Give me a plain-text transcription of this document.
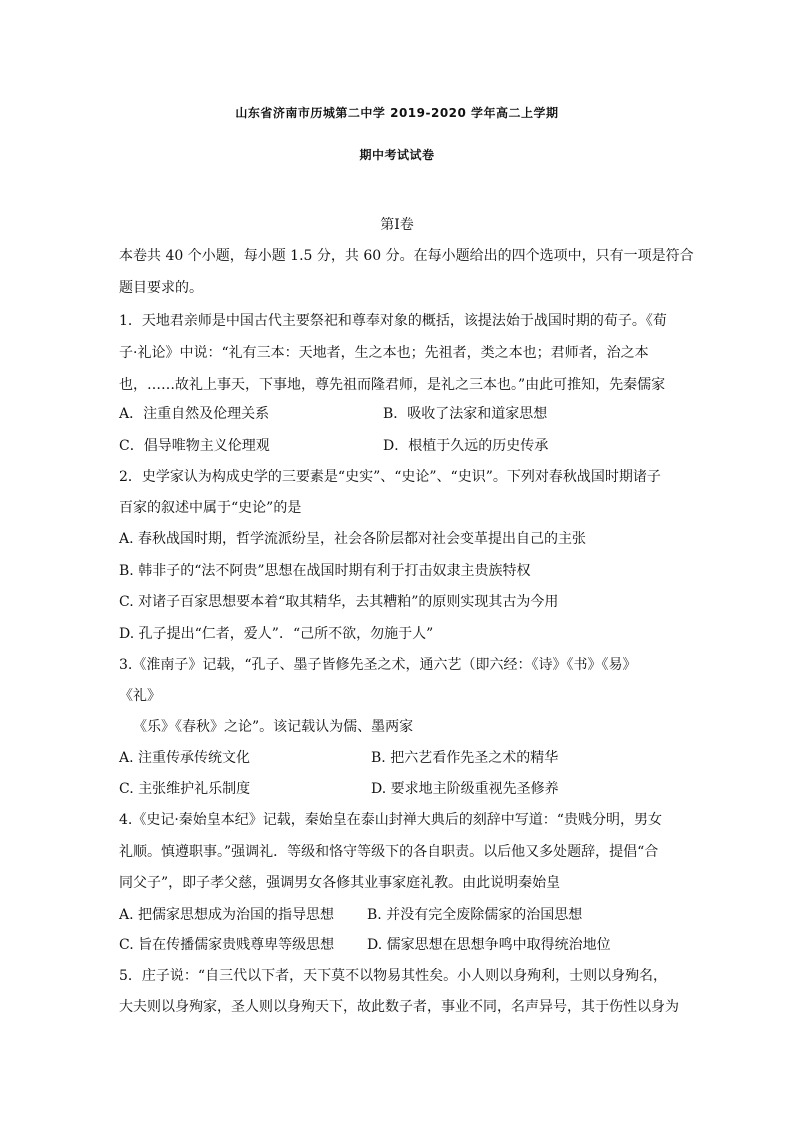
山东省济南市历城第二中学 2019-2020 学年高二上学期
期中考试试卷
第Ⅰ卷
本卷共 40 个小题，每小题 1.5 分，共 60 分。在每小题给出的四个选项中，只有一项是符合
题目要求的。
1．天地君亲师是中国古代主要祭祀和尊奉对象的概括，该提法始于战国时期的荀子。《荀
子·礼论》中说：“礼有三本：天地者，生之本也；先祖者，类之本也；君师者，治之本
也，……故礼上事天，下事地，尊先祖而隆君师，是礼之三本也。”由此可推知，先秦儒家
A．注重自然及伦理关系	B．吸收了法家和道家思想
C．倡导唯物主义伦理观	D．根植于久远的历史传承
2．史学家认为构成史学的三要素是“史实”、“史论”、“史识”。下列对春秋战国时期诸子
百家的叙述中属于“史论”的是
A. 春秋战国时期，哲学流派纷呈，社会各阶层都对社会变革提出自己的主张
B. 韩非子的“法不阿贵”思想在战国时期有利于打击奴隶主贵族特权
C. 对诸子百家思想要本着“取其精华，去其糟粕”的原则实现其古为今用
D. 孔子提出“仁者，爱人”．“己所不欲，勿施于人”
3.《淮南子》记载，“孔子、墨子皆修先圣之术，通六艺（即六经：《诗》《书》《易》
《礼》
《乐》《春秋》之论”。该记载认为儒、墨两家
A. 注重传承传统文化	B. 把六艺看作先圣之术的精华
C. 主张维护礼乐制度	D. 要求地主阶级重视先圣修养
4.《史记·秦始皇本纪》记载，秦始皇在泰山封禅大典后的刻辞中写道：“贵贱分明，男女
礼顺。慎遵职事。”强调礼．等级和恪守等级下的各自职责。以后他又多处题辞，提倡“合
同父子”，即子孝父慈，强调男女各修其业事家庭礼教。由此说明秦始皇
A. 把儒家思想成为治国的指导思想 B. 并没有完全废除儒家的治国思想
C. 旨在传播儒家贵贱尊卑等级思想 D. 儒家思想在思想争鸣中取得统治地位
5．庄子说：“自三代以下者，天下莫不以物易其性矣。小人则以身殉利，士则以身殉名，
大夫则以身殉家，圣人则以身殉天下，故此数子者，事业不同，名声异号，其于伤性以身为
